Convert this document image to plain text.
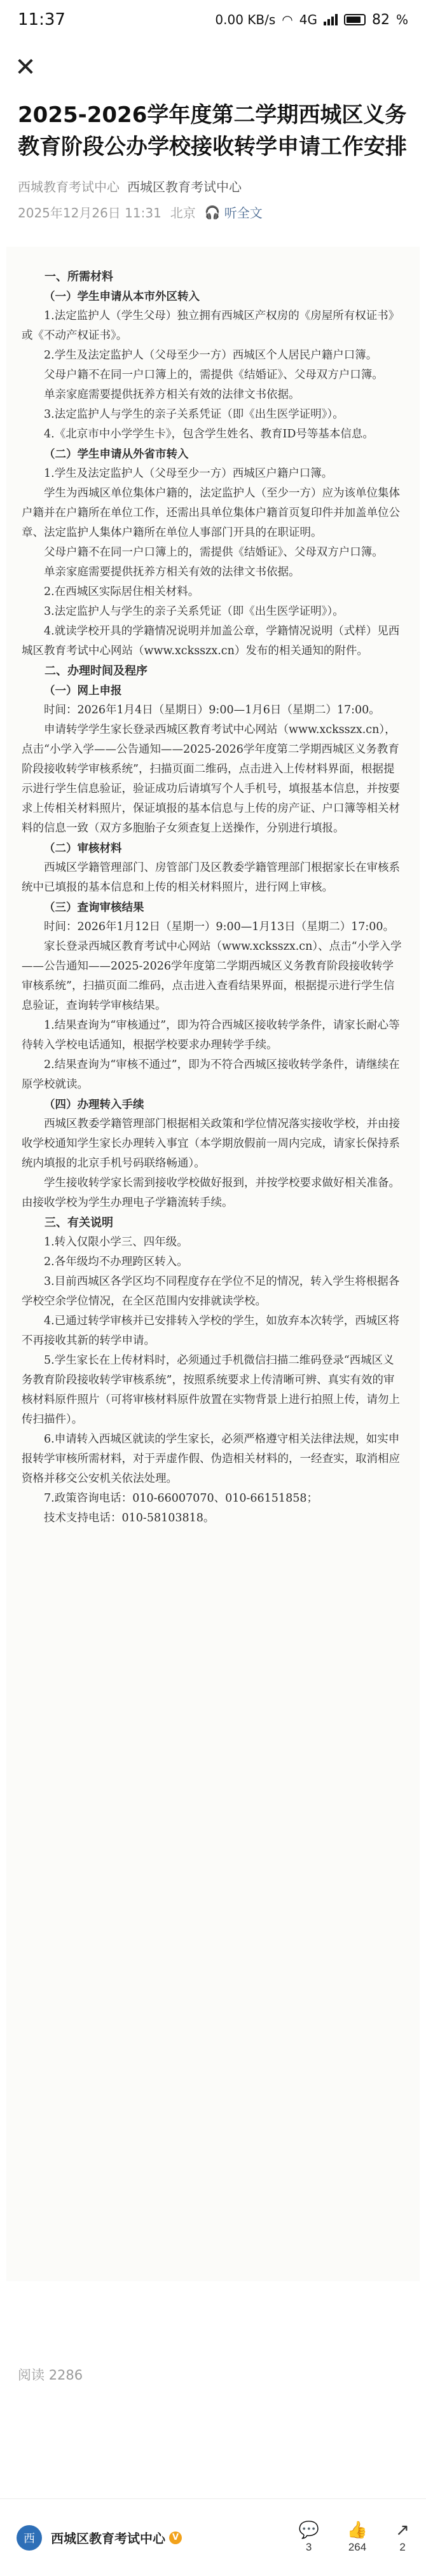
11:37	0.00 KB/s ◠ 4G	82 %
✕
2025-2026学年度第二学期西城区义务教育阶段公办学校接收转学申请工作安排
西城教育考试中心 西城区教育考试中心
2025年12月26日 11:31 北京 🎧 听全文

一、所需材料

（一）学生申请从本市外区转入

1.法定监护人（学生父母）独立拥有西城区产权房的《房屋所有权证书》或《不动产权证书》。

2.学生及法定监护人（父母至少一方）西城区个人居民户籍户口簿。

父母户籍不在同一户口簿上的，需提供《结婚证》、父母双方户口簿。

单亲家庭需要提供抚养方相关有效的法律文书依据。

3.法定监护人与学生的亲子关系凭证（即《出生医学证明》）。

4.《北京市中小学学生卡》，包含学生姓名、教育ID号等基本信息。

（二）学生申请从外省市转入

1.学生及法定监护人（父母至少一方）西城区户籍户口簿。

学生为西城区单位集体户籍的，法定监护人（至少一方）应为该单位集体户籍并在户籍所在单位工作，还需出具单位集体户籍首页复印件并加盖单位公章、法定监护人集体户籍所在单位人事部门开具的在职证明。

父母户籍不在同一户口簿上的，需提供《结婚证》、父母双方户口簿。

单亲家庭需要提供抚养方相关有效的法律文书依据。

2.在西城区实际居住相关材料。

3.法定监护人与学生的亲子关系凭证（即《出生医学证明》）。

4.就读学校开具的学籍情况说明并加盖公章，学籍情况说明（式样）见西城区教育考试中心网站（www.xcksszx.cn）发布的相关通知的附件。

二、办理时间及程序

（一）网上申报

时间：2026年1月4日（星期日）9:00—1月6日（星期二）17:00。

申请转学学生家长登录西城区教育考试中心网站（www.xcksszx.cn），点击“小学入学——公告通知——2025-2026学年度第二学期西城区义务教育阶段接收转学审核系统”，扫描页面二维码，点击进入上传材料界面，根据提示进行学生信息验证，验证成功后请填写个人手机号，填报基本信息，并按要求上传相关材料照片，保证填报的基本信息与上传的房产证、户口簿等相关材料的信息一致（双方多胞胎子女须查复上送操作，分别进行填报。

（二）审核材料

西城区学籍管理部门、房管部门及区教委学籍管理部门根据家长在审核系统中已填报的基本信息和上传的相关材料照片，进行网上审核。

（三）查询审核结果

时间：2026年1月12日（星期一）9:00—1月13日（星期二）17:00。

家长登录西城区教育考试中心网站（www.xcksszx.cn）、点击“小学入学——公告通知——2025-2026学年度第二学期西城区义务教育阶段接收转学审核系统”，扫描页面二维码，点击进入查看结果界面，根据提示进行学生信息验证，查询转学审核结果。

1.结果查询为“审核通过”，即为符合西城区接收转学条件，请家长耐心等待转入学校电话通知，根据学校要求办理转学手续。

2.结果查询为“审核不通过”，即为不符合西城区接收转学条件，请继续在原学校就读。

（四）办理转入手续

西城区教委学籍管理部门根据相关政策和学位情况落实接收学校，并由接收学校通知学生家长办理转入事宜（本学期放假前一周内完成，请家长保持系统内填报的北京手机号码联络畅通）。

学生接收转学家长需到接收学校做好报到，并按学校要求做好相关准备。由接收学校为学生办理电子学籍流转手续。

三、有关说明

1.转入仅限小学三、四年级。

2.各年级均不办理跨区转入。

3.目前西城区各学区均不同程度存在学位不足的情况，转入学生将根据各学校空余学位情况，在全区范围内安排就读学校。

4.已通过转学审核并已安排转入学校的学生，如放弃本次转学，西城区将不再接收其新的转学申请。

5.学生家长在上传材料时，必须通过手机微信扫描二维码登录“西城区义务教育阶段接收转学审核系统”，按照系统要求上传清晰可辨、真实有效的审核材料原件照片（可将审核材料原件放置在实物背景上进行拍照上传，请勿上传扫描件）。

6.申请转入西城区就读的学生家长，必须严格遵守相关法律法规，如实申报转学审核所需材料，对于弄虚作假、伪造相关材料的，一经查实，取消相应资格并移交公安机关依法处理。

7.政策咨询电话：010-66007070、010-66151858；

技术支持电话：010-58103818。

阅读 2286
西	西城区教育考试中心 V	💬
3
👍
264
↗
2
